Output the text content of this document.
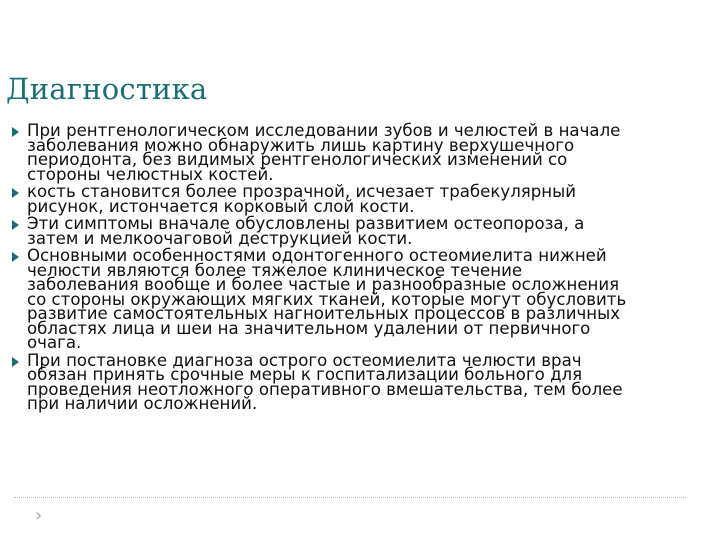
Диагностика
При рентгенологическом исследовании зубов и челюстей в начале заболевания можно обнаружить лишь картину верхушечного периодонта, без видимых рентгенологических изменений со стороны челюстных костей.
кость становится более прозрачной, исчезает трабекулярный рисунок, истончается корковый слой кости.
Эти симптомы вначале обусловлены развитием остеопороза, а затем и мелкоочаговой деструкцией кости.
Основными особенностями одонтогенного остеомиелита нижней челюсти являются более тяжелое клиническое течение заболевания вообще и более частые и разнообразные осложнения со стороны окружающих мягких тканей, которые могут обусловить развитие самостоятельных нагноительных процессов в различных областях лица и шеи на значительном удалении от первичного очага.
При постановке диагноза острого остеомиелита челюсти врач обязан принять срочные меры к госпитализации больного для проведения неотложного оперативного вмешательства, тем более при наличии осложнений.
›
